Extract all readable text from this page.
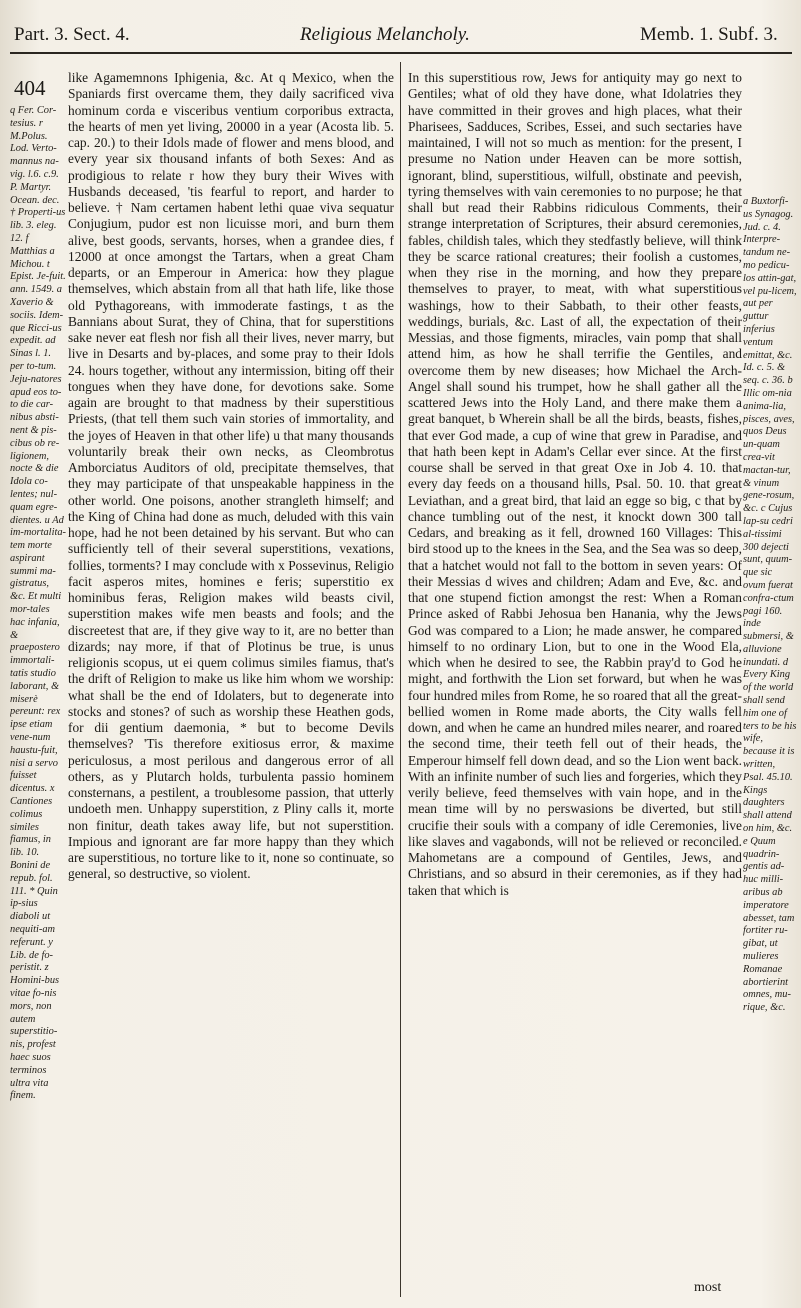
Part. 3. Sect. 4.	Religious Melancholy.	Memb. 1. Subf. 3.
404
q Fer. Cor-tesius. r M.Polus. Lod. Verto-mannus na-vig. l.6. c.9. P. Martyr. Ocean. dec. † Properti-us lib. 3. eleg. 12. f Matthias a Michou. t Epist. Je-fuit. ann. 1549. a Xaverio & sociis. Idem-que Ricci-us expedit. ad Sinas l. 1. per to-tum. Jeju-natores apud eos to-to die car-nibus absti-nent & pis-cibus ob re-ligionem, nocte & die Idola co-lentes; nul-quam egre-dientes. u Ad im-mortalita-tem morte aspirant summi ma-gistratus, &c. Et multi mor-tales hac infania, & praepostero immortali-tatis studio laborant, & miserè pereunt: rex ipse etiam vene-num haustu-fuit, nisi a servo fuisset dicentus. x Cantiones colimus similes fiamus, in lib. 10. Bonini de repub. fol. 111. * Quin ip-sius diaboli ut nequiti-am referunt. y Lib. de fo-peristit. z Homini-bus vitae fo-nis mors, non autem superstitio-nis, profest haec suos terminos ultra vita finem.

like Agamemnons Iphigenia, &c. At q Mexico, when the Spaniards first overcame them, they daily sacrificed viva hominum corda e visceribus ventium corporibus extracta, the hearts of men yet living, 20000 in a year (Acosta lib. 5. cap. 20.) to their Idols made of flower and mens blood, and every year six thousand infants of both Sexes: And as prodigious to relate r how they bury their Wives with Husbands deceased, 'tis fearful to report, and harder to believe. † Nam certamen habent lethi quae viva sequatur Conjugium, pudor est non licuisse mori, and burn them alive, best goods, servants, horses, when a grandee dies, f 12000 at once amongst the Tartars, when a great Cham departs, or an Emperour in America: how they plague themselves, which abstain from all that hath life, like those old Pythagoreans, with immoderate fastings, t as the Bannians about Surat, they of China, that for superstitions sake never eat flesh nor fish all their lives, never marry, but live in Desarts and by-places, and some pray to their Idols 24. hours together, without any intermission, biting off their tongues when they have done, for devotions sake. Some again are brought to that madness by their superstitious Priests, (that tell them such vain stories of immortality, and the joyes of Heaven in that other life) u that many thousands voluntarily break their own necks, as Cleombrotus Amborciatus Auditors of old, precipitate themselves, that they may participate of that unspeakable happiness in the other world. One poisons, another strangleth himself; and the King of China had done as much, deluded with this vain hope, had he not been detained by his servant. But who can sufficiently tell of their several superstitions, vexations, follies, torments? I may conclude with x Possevinus, Religio facit asperos mites, homines e feris; superstitio ex hominibus feras, Religion makes wild beasts civil, superstition makes wife men beasts and fools; and the discreetest that are, if they give way to it, are no better than dizards; nay more, if that of Plotinus be true, is unus religionis scopus, ut ei quem colimus similes fiamus, that's the drift of Religion to make us like him whom we worship: what shall be the end of Idolaters, but to degenerate into stocks and stones? of such as worship these Heathen gods, for dii gentium daemonia, * but to become Devils themselves? 'Tis therefore exitiosus error, & maxime periculosus, a most perilous and dangerous error of all others, as y Plutarch holds, turbulenta passio hominem consternans, a pestilent, a troublesome passion, that utterly undoeth men. Unhappy superstition, z Pliny calls it, morte non finitur, death takes away life, but not superstition. Impious and ignorant are far more happy than they which are superstitious, no torture like to it, none so continuate, so general, so destructive, so violent.

In this superstitious row, Jews for antiquity may go next to Gentiles; what of old they have done, what Idolatries they have committed in their groves and high places, what their Pharisees, Sadduces, Scribes, Essei, and such sectaries have maintained, I will not so much as mention: for the present, I presume no Nation under Heaven can be more sottish, ignorant, blind, superstitious, wilfull, obstinate and peevish, tyring themselves with vain ceremonies to no purpose; he that shall but read their Rabbins ridiculous Comments, their strange interpretation of Scriptures, their absurd ceremonies, fables, childish tales, which they stedfastly believe, will think they be scarce rational creatures; their foolish a customes, when they rise in the morning, and how they prepare themselves to prayer, to meat, with what superstitious washings, how to their Sabbath, to their other feasts, weddings, burials, &c. Last of all, the expectation of their Messias, and those figments, miracles, vain pomp that shall attend him, as how he shall terrifie the Gentiles, and overcome them by new diseases; how Michael the Arch-Angel shall sound his trumpet, how he shall gather all the scattered Jews into the Holy Land, and there make them a great banquet, b Wherein shall be all the birds, beasts, fishes, that ever God made, a cup of wine that grew in Paradise, and that hath been kept in Adam's Cellar ever since. At the first course shall be served in that great Oxe in Job 4. 10. that every day feeds on a thousand hills, Psal. 50. 10. that great Leviathan, and a great bird, that laid an egge so big, c that by chance tumbling out of the nest, it knockt down 300 tall Cedars, and breaking as it fell, drowned 160 Villages: This bird stood up to the knees in the Sea, and the Sea was so deep, that a hatchet would not fall to the bottom in seven years: Of their Messias d wives and children; Adam and Eve, &c. and that one stupend fiction amongst the rest: When a Roman Prince asked of Rabbi Jehosua ben Hanania, why the Jews God was compared to a Lion; he made answer, he compared himself to no ordinary Lion, but to one in the Wood Ela, which when he desired to see, the Rabbin pray'd to God he might, and forthwith the Lion set forward, but when he was four hundred miles from Rome, he so roared that all the great-bellied women in Rome made aborts, the City walls fell down, and when he came an hundred miles nearer, and roared the second time, their teeth fell out of their heads, the Emperour himself fell down dead, and so the Lion went back. With an infinite number of such lies and forgeries, which they verily believe, feed themselves with vain hope, and in the mean time will by no perswasions be diverted, but still crucifie their souls with a company of idle Ceremonies, live like slaves and vagabonds, will not be relieved or reconciled. Mahometans are a compound of Gentiles, Jews, and Christians, and so absurd in their ceremonies, as if they had taken that which is

a Buxtorfi-us Synagog. Jud. c. 4. Interpre-tandum ne-mo pedicu-los attin-gat, vel pu-licem, aut per guttur inferius ventum emittat, &c. Id. c. 5. & seq. c. 36. b Illic om-nia anima-lia, pisces, aves, quos Deus un-quam crea-vit mactan-tur, & vinum gene-rosum, &c. c Cujus lap-su cedri al-tissimi 300 dejecti sunt, quum-que sic ovum fuerat confra-ctum pagi 160. inde submersi, & alluvione inundati. d Every King of the world shall send him one of ters to be his wife, because it is written, Psal. 45.10. Kings daughters shall attend on him, &c. e Quum quadrin-gentis ad-huc milli-aribus ab imperatore abesset, tam fortiter ru-gibat, ut mulieres Romanae abortierint omnes, mu-rique, &c.
most
